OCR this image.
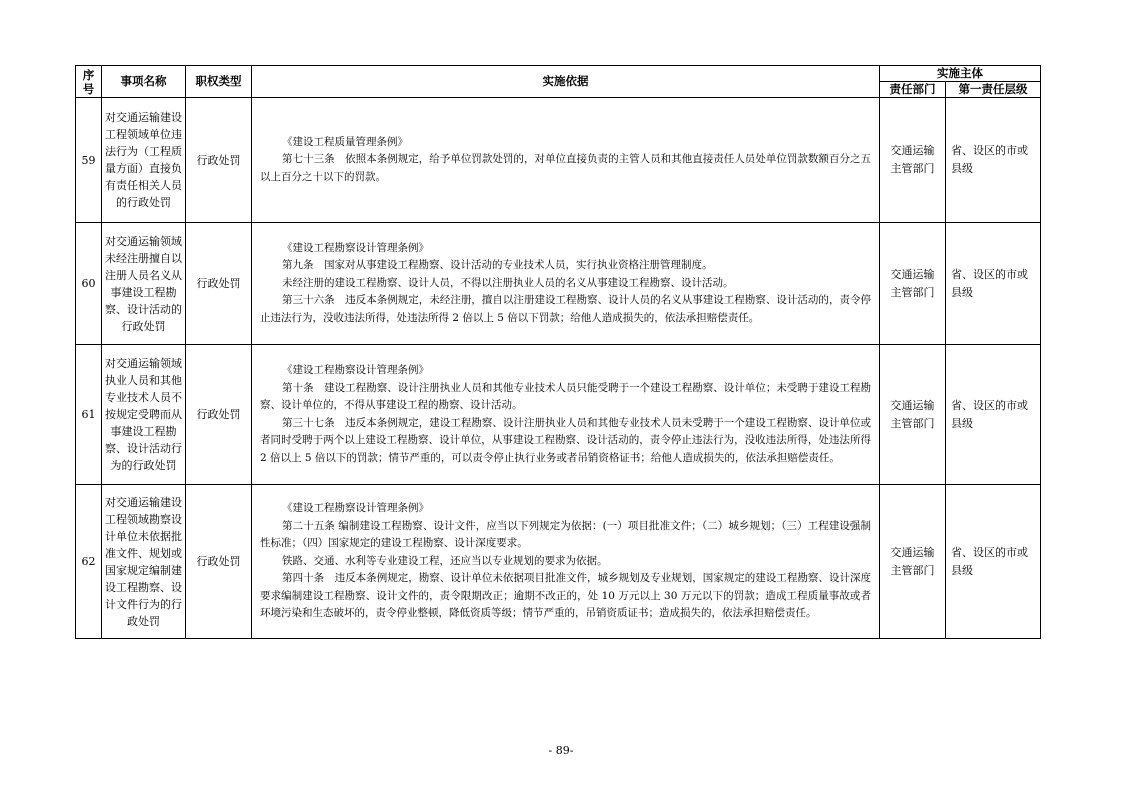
序
号	事项名称	职权类型	实施依据	实施主体	
				责任部门	第一责任层级
59	对交通运输建设工程领域单位违法行为（工程质量方面）直接负有责任相关人员的行政处罚	行政处罚	《建设工程质量管理条例》

第七十三条　依照本条例规定，给予单位罚款处罚的，对单位直接负责的主管人员和其他直接责任人员处单位罚款数额百分之五以上百分之十以下的罚款。	交通运输主管部门	省、设区的市或县级
60	对交通运输领域未经注册擅自以注册人员名义从事建设工程勘察、设计活动的行政处罚	行政处罚	《建设工程勘察设计管理条例》

第九条　国家对从事建设工程勘察、设计活动的专业技术人员，实行执业资格注册管理制度。

未经注册的建设工程勘察、设计人员，不得以注册执业人员的名义从事建设工程勘察、设计活动。

第三十六条　违反本条例规定，未经注册，擅自以注册建设工程勘察、设计人员的名义从事建设工程勘察、设计活动的，责令停止违法行为，没收违法所得，处违法所得 2 倍以上 5 倍以下罚款；给他人造成损失的，依法承担赔偿责任。	交通运输主管部门	省、设区的市或县级
61	对交通运输领域执业人员和其他专业技术人员不按规定受聘而从事建设工程勘察、设计活动行为的行政处罚	行政处罚	《建设工程勘察设计管理条例》

第十条　建设工程勘察、设计注册执业人员和其他专业技术人员只能受聘于一个建设工程勘察、设计单位；未受聘于建设工程勘察、设计单位的，不得从事建设工程的勘察、设计活动。

第三十七条　违反本条例规定，建设工程勘察、设计注册执业人员和其他专业技术人员未受聘于一个建设工程勘察、设计单位或者同时受聘于两个以上建设工程勘察、设计单位，从事建设工程勘察、设计活动的，责令停止违法行为，没收违法所得，处违法所得 2 倍以上 5 倍以下的罚款；情节严重的，可以责令停止执行业务或者吊销资格证书；给他人造成损失的，依法承担赔偿责任。	交通运输主管部门	省、设区的市或县级
62	对交通运输建设工程领域勘察设计单位未依据批准文件、规划或国家规定编制建设工程勘察、设计文件行为的行政处罚	行政处罚	《建设工程勘察设计管理条例》

第二十五条 编制建设工程勘察、设计文件，应当以下列规定为依据：(一）项目批准文件；（二）城乡规划；（三）工程建设强制性标准；（四）国家规定的建设工程勘察、设计深度要求。

铁路、交通、水利等专业建设工程，还应当以专业规划的要求为依据。

第四十条　违反本条例规定，勘察、设计单位未依据项目批准文件，城乡规划及专业规划，国家规定的建设工程勘察、设计深度要求编制建设工程勘察、设计文件的，责令限期改正；逾期不改正的，处 10 万元以上 30 万元以下的罚款；造成工程质量事故或者环境污染和生态破坏的，责令停业整顿，降低资质等级；情节严重的，吊销资质证书；造成损失的，依法承担赔偿责任。	交通运输主管部门	省、设区的市或县级
- 89-
